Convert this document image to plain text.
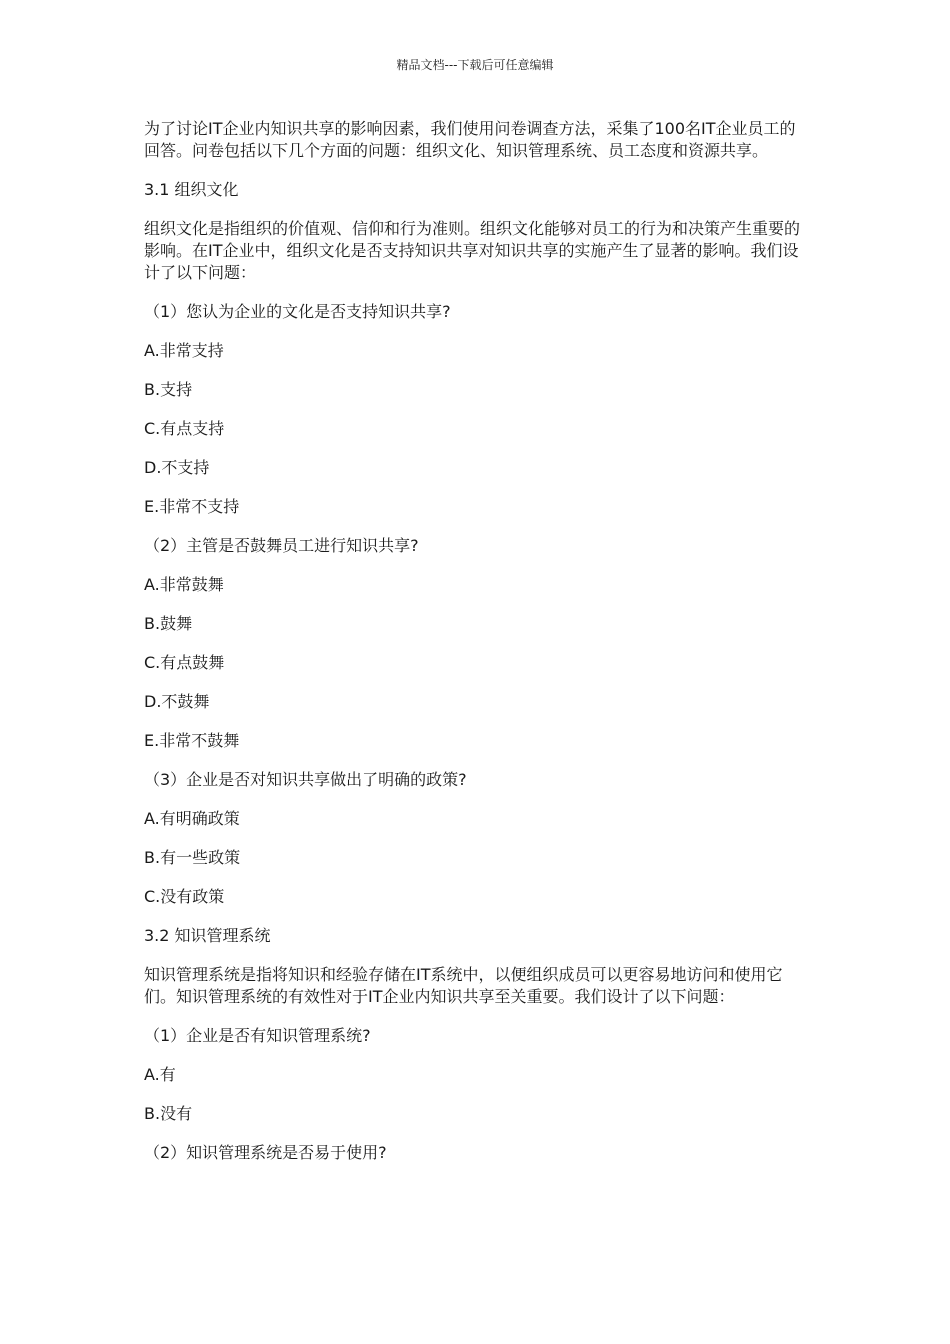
精品文档---下载后可任意编辑

为了讨论IT企业内知识共享的影响因素，我们使用问卷调查方法，采集了100名IT企业员工的回答。问卷包括以下几个方面的问题：组织文化、知识管理系统、员工态度和资源共享。

3.1 组织文化

组织文化是指组织的价值观、信仰和行为准则。组织文化能够对员工的行为和决策产生重要的影响。在IT企业中，组织文化是否支持知识共享对知识共享的实施产生了显著的影响。我们设计了以下问题：

（1）您认为企业的文化是否支持知识共享?

A.非常支持

B.支持

C.有点支持

D.不支持

E.非常不支持

（2）主管是否鼓舞员工进行知识共享?

A.非常鼓舞

B.鼓舞

C.有点鼓舞

D.不鼓舞

E.非常不鼓舞

（3）企业是否对知识共享做出了明确的政策?

A.有明确政策

B.有一些政策

C.没有政策

3.2 知识管理系统

知识管理系统是指将知识和经验存储在IT系统中，以便组织成员可以更容易地访问和使用它们。知识管理系统的有效性对于IT企业内知识共享至关重要。我们设计了以下问题：

（1）企业是否有知识管理系统?

A.有

B.没有

（2）知识管理系统是否易于使用?
